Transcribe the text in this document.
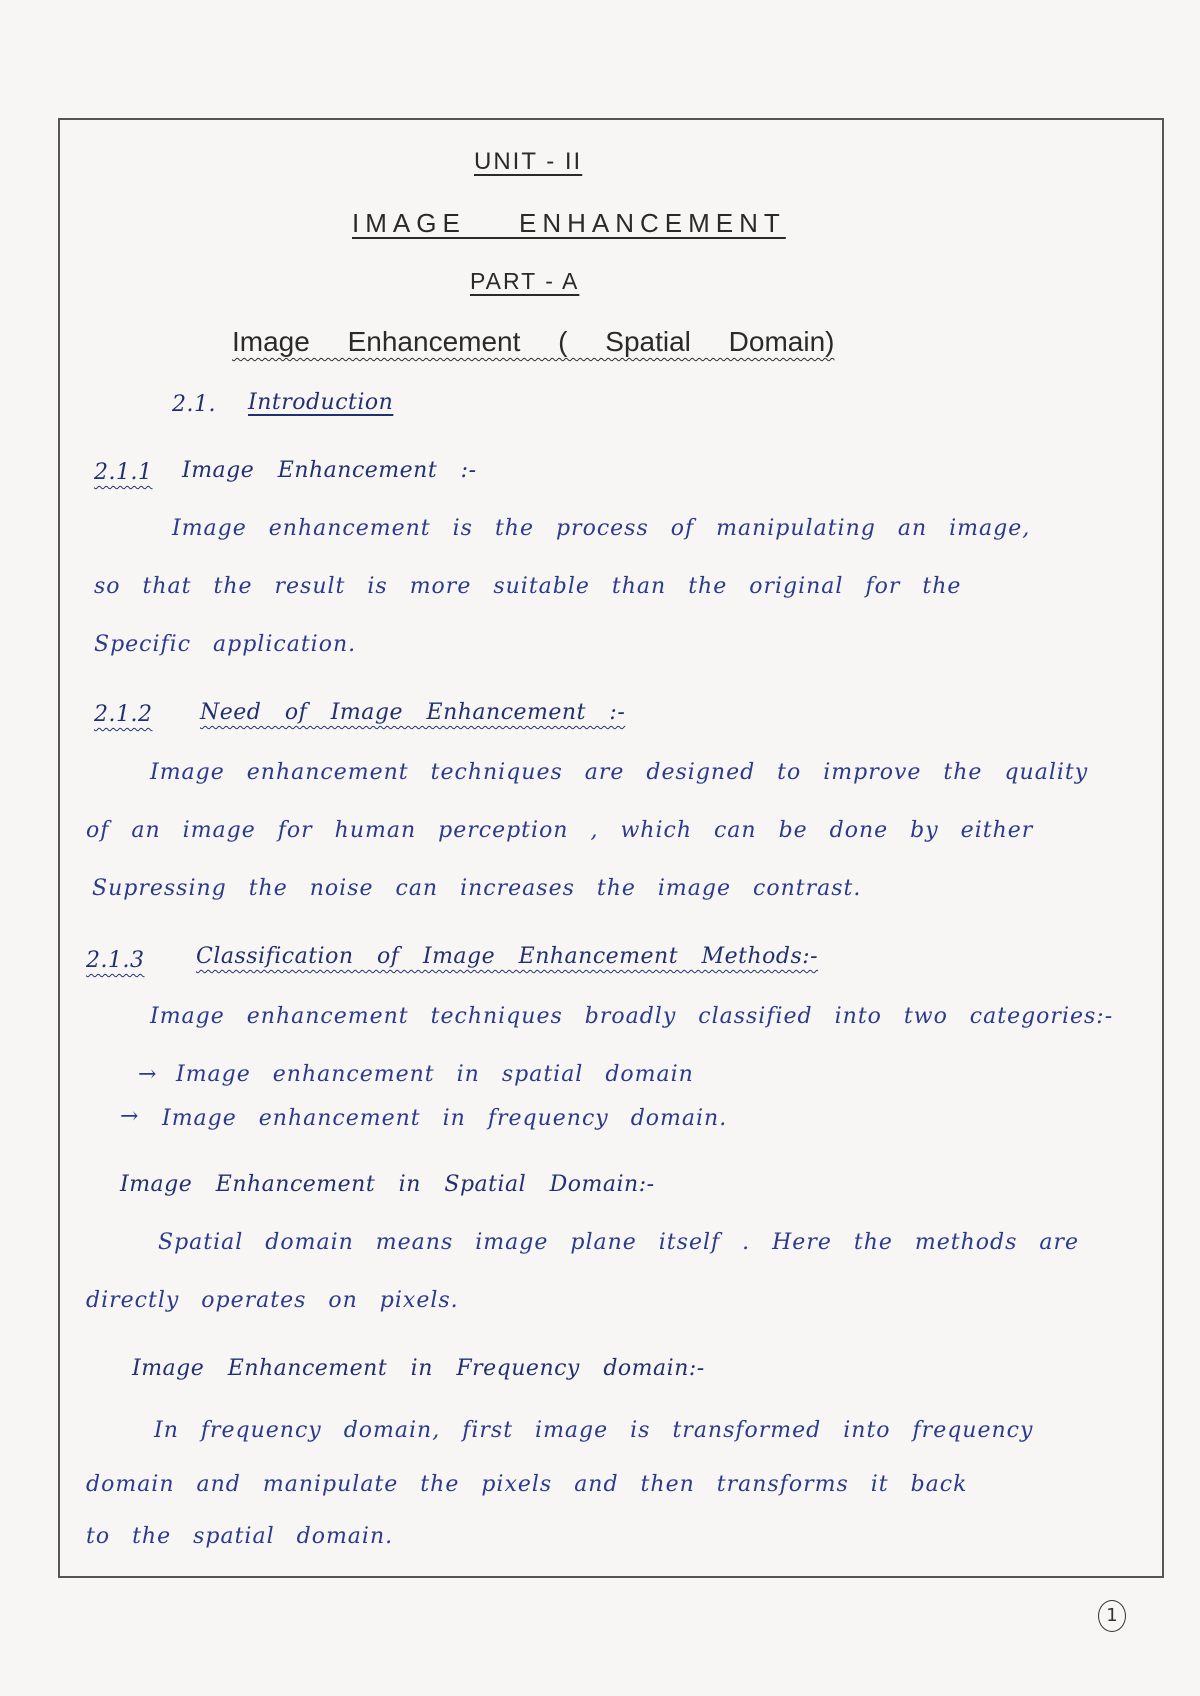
UNIT - II
IMAGE ENHANCEMENT
PART - A
Image Enhancement ( Spatial Domain)
2.1. Introduction
2.1.1 Image Enhancement :-
Image enhancement is the process of manipulating an image,
so that the result is more suitable than the original for the
Specific application.
2.1.2 Need of Image Enhancement :-
Image enhancement techniques are designed to improve the quality
of an image for human perception , which can be done by either
Supressing the noise can increases the image contrast.
2.1.3 Classification of Image Enhancement Methods:-
Image enhancement techniques broadly classified into two categories:-
→ Image enhancement in spatial domain
→ Image enhancement in frequency domain.
Image Enhancement in Spatial Domain:-
Spatial domain means image plane itself . Here the methods are
directly operates on pixels.
Image Enhancement in Frequency domain:-
In frequency domain, first image is transformed into frequency
domain and manipulate the pixels and then transforms it back
to the spatial domain.
1
